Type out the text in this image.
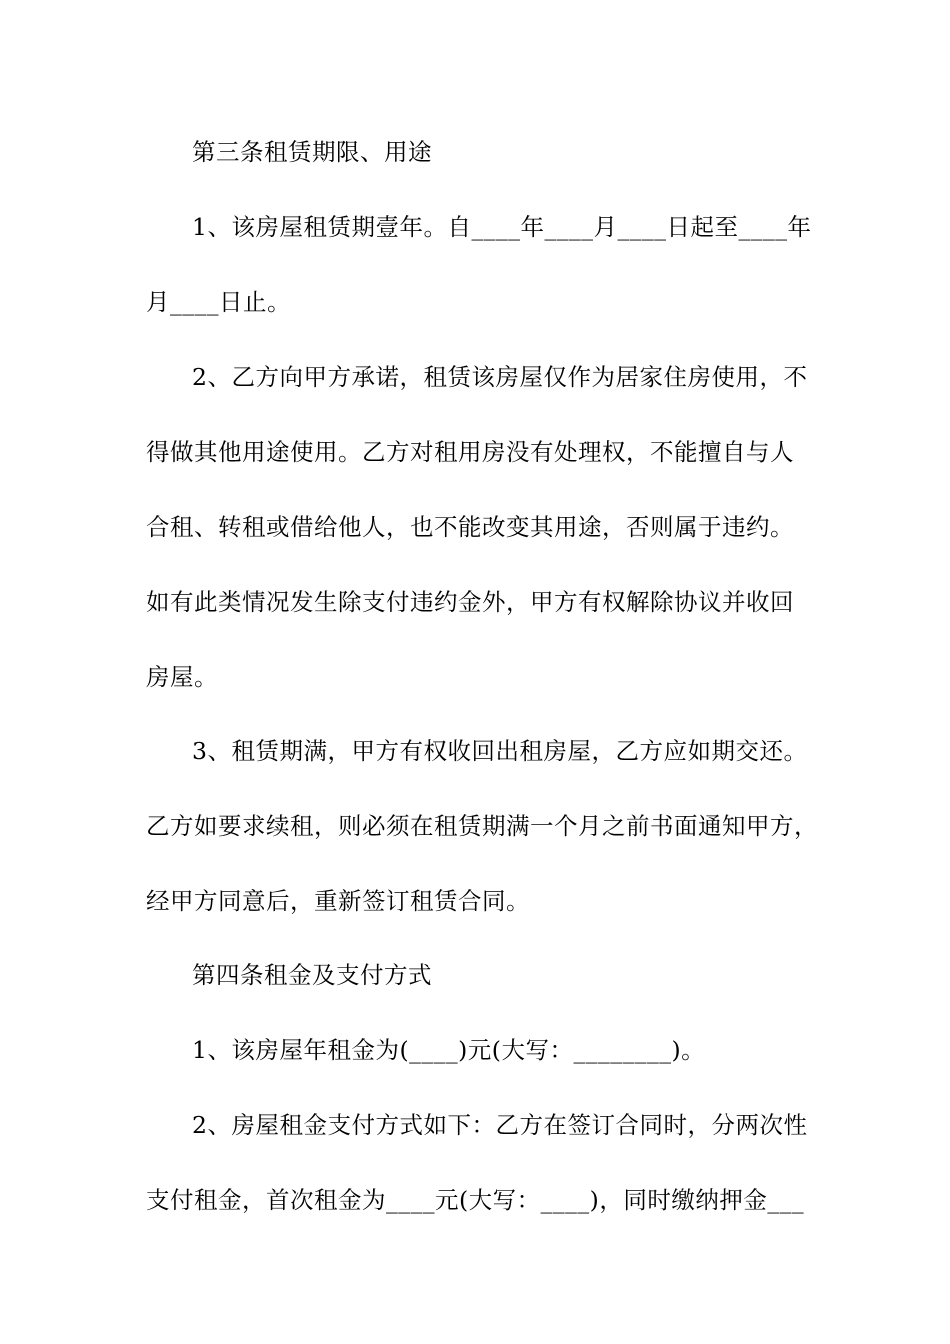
第三条租赁期限、用途
1、该房屋租赁期壹年。自____年____月____日起至____年
月____日止。
2、乙方向甲方承诺，租赁该房屋仅作为居家住房使用，不
得做其他用途使用。乙方对租用房没有处理权，不能擅自与人
合租、转租或借给他人，也不能改变其用途，否则属于违约。
如有此类情况发生除支付违约金外，甲方有权解除协议并收回
房屋。
3、租赁期满，甲方有权收回出租房屋，乙方应如期交还。
乙方如要求续租，则必须在租赁期满一个月之前书面通知甲方，
经甲方同意后，重新签订租赁合同。
第四条租金及支付方式
1、该房屋年租金为(____)元(大写：________)。
2、房屋租金支付方式如下：乙方在签订合同时，分两次性
支付租金，首次租金为____元(大写：____)，同时缴纳押金___
